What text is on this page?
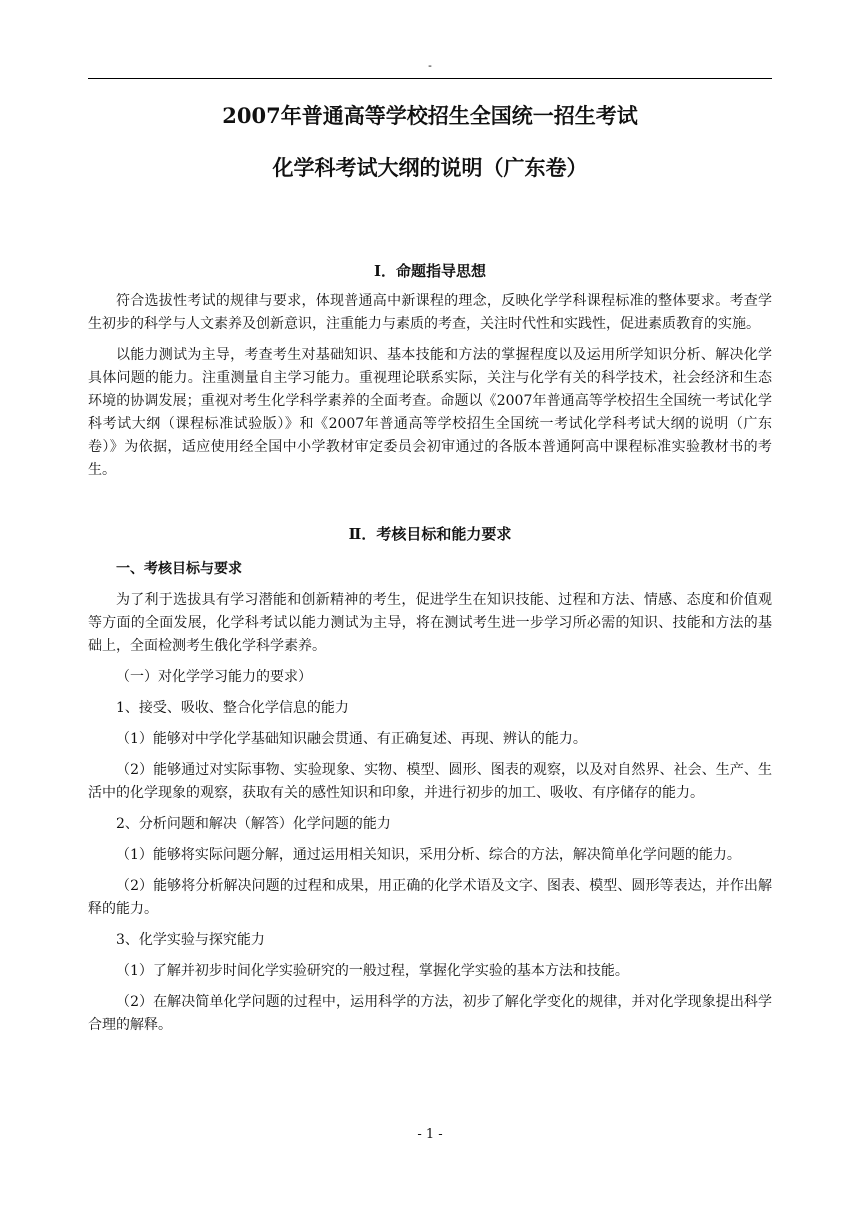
-
2007年普通高等学校招生全国统一招生考试
化学科考试大纲的说明（广东卷）
Ⅰ．命题指导思想

符合选拔性考试的规律与要求，体现普通高中新课程的理念，反映化学学科课程标准的整体要求。考查学生初步的科学与人文素养及创新意识，注重能力与素质的考查，关注时代性和实践性，促进素质教育的实施。

以能力测试为主导，考查考生对基础知识、基本技能和方法的掌握程度以及运用所学知识分析、解决化学具体问题的能力。注重测量自主学习能力。重视理论联系实际，关注与化学有关的科学技术，社会经济和生态环境的协调发展；重视对考生化学科学素养的全面考查。命题以《2007年普通高等学校招生全国统一考试化学科考试大纲（课程标准试验版）》和《2007年普通高等学校招生全国统一考试化学科考试大纲的说明（广东卷）》为依据，适应使用经全国中小学教材审定委员会初审通过的各版本普通阿高中课程标准实验教材书的考生。

Ⅱ．考核目标和能力要求
一、考核目标与要求

为了利于选拔具有学习潜能和创新精神的考生，促进学生在知识技能、过程和方法、情感、态度和价值观等方面的全面发展，化学科考试以能力测试为主导，将在测试考生进一步学习所必需的知识、技能和方法的基础上，全面检测考生俄化学科学素养。

（一）对化学学习能力的要求）

1、接受、吸收、整合化学信息的能力

（1）能够对中学化学基础知识融会贯通、有正确复述、再现、辨认的能力。

（2）能够通过对实际事物、实验现象、实物、模型、圆形、图表的观察，以及对自然界、社会、生产、生活中的化学现象的观察，获取有关的感性知识和印象，并进行初步的加工、吸收、有序储存的能力。

2、分析问题和解决（解答）化学问题的能力

（1）能够将实际问题分解，通过运用相关知识，采用分析、综合的方法，解决简单化学问题的能力。

（2）能够将分析解决问题的过程和成果，用正确的化学术语及文字、图表、模型、圆形等表达，并作出解释的能力。

3、化学实验与探究能力

（1）了解并初步时间化学实验研究的一般过程，掌握化学实验的基本方法和技能。

（2）在解决简单化学问题的过程中，运用科学的方法，初步了解化学变化的规律，并对化学现象提出科学合理的解释。

- 1 -
